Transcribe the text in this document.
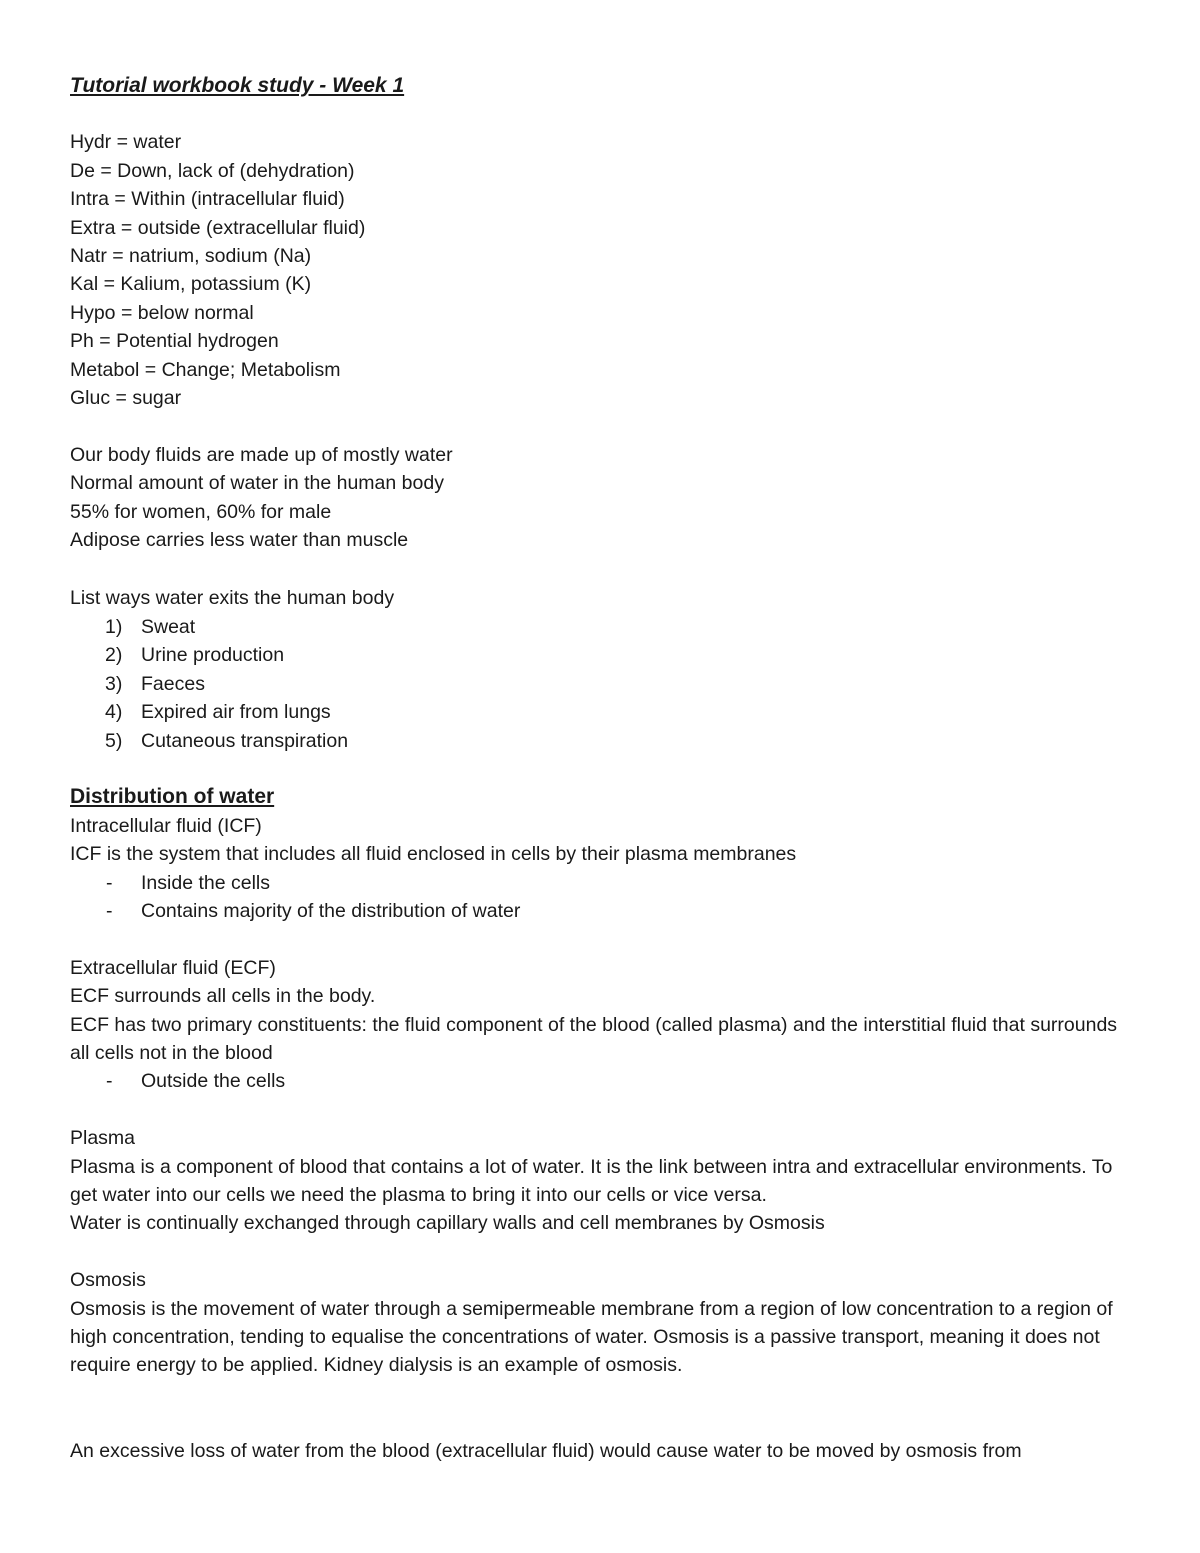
Tutorial workbook study - Week 1

Hydr = water

De = Down, lack of (dehydration)

Intra = Within (intracellular fluid)

Extra = outside (extracellular fluid)

Natr = natrium, sodium (Na)

Kal = Kalium, potassium (K)

Hypo = below normal

Ph = Potential hydrogen

Metabol = Change; Metabolism

Gluc = sugar

Our body fluids are made up of mostly water

Normal amount of water in the human body

55% for women, 60% for male

Adipose carries less water than muscle

List ways water exits the human body

1) Sweat
2) Urine production
3) Faeces
4) Expired air from lungs
5) Cutaneous transpiration

Distribution of water

Intracellular fluid (ICF)

ICF is the system that includes all fluid enclosed in cells by their plasma membranes

-	Inside the cells
-	Contains majority of the distribution of water

Extracellular fluid (ECF)

ECF surrounds all cells in the body.

ECF has two primary constituents: the fluid component of the blood (called plasma) and the interstitial fluid that surrounds all cells not in the blood

-	Outside the cells

Plasma

Plasma is a component of blood that contains a lot of water. It is the link between intra and extracellular environments. To get water into our cells we need the plasma to bring it into our cells or vice versa.

Water is continually exchanged through capillary walls and cell membranes by Osmosis

Osmosis

Osmosis is the movement of water through a semipermeable membrane from a region of low concentration to a region of high concentration, tending to equalise the concentrations of water. Osmosis is a passive transport, meaning it does not require energy to be applied. Kidney dialysis is an example of osmosis.

An excessive loss of water from the blood (extracellular fluid) would cause water to be moved by osmosis from
